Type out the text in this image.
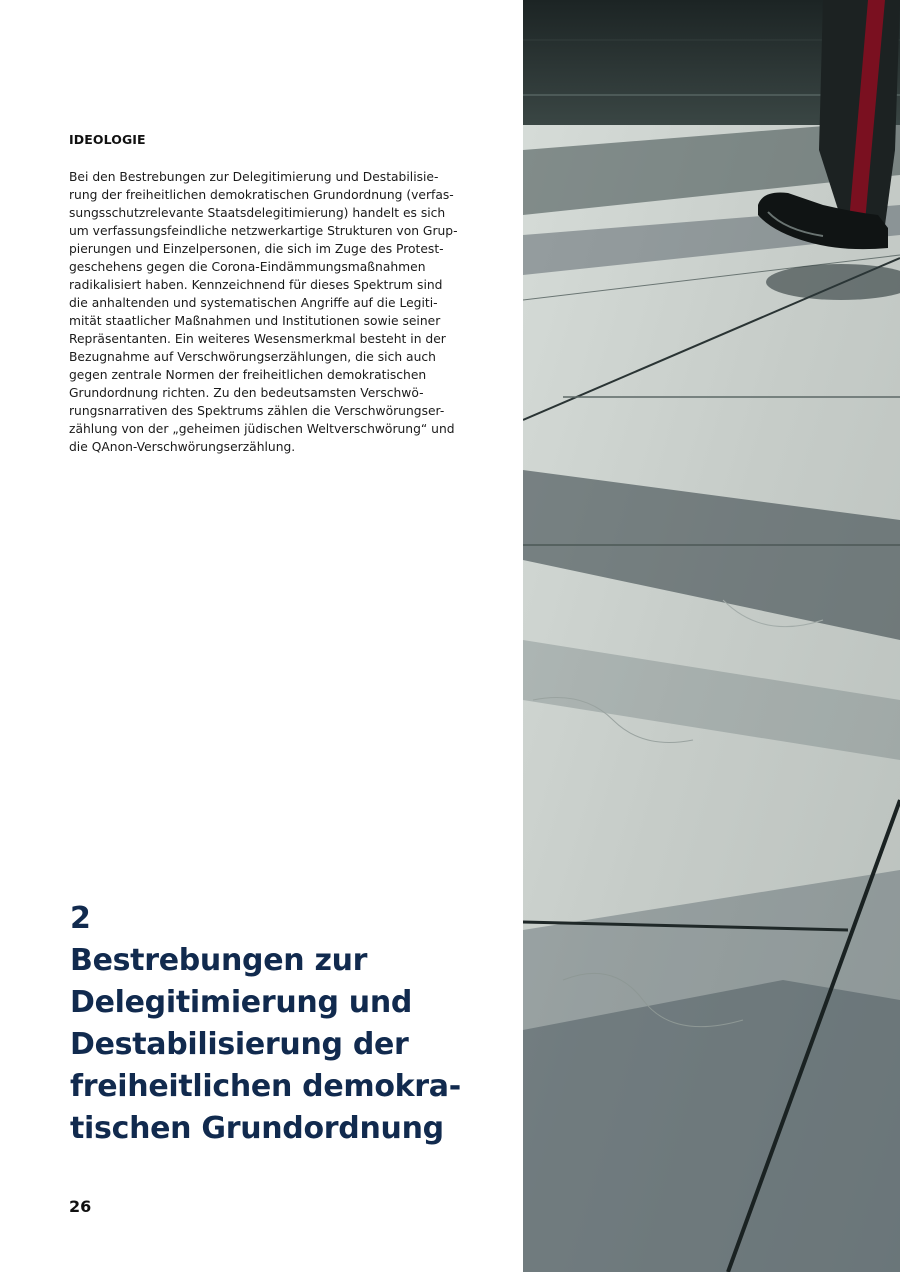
IDEOLOGIE

Bei den Bestrebungen zur Delegitimierung und Destabilisie-
rung der freiheitlichen demokratischen Grundordnung (verfas-
sungsschutzrelevante Staatsdelegitimierung) handelt es sich
um verfassungsfeindliche netzwerkartige Strukturen von Grup-
pierungen und Einzelpersonen, die sich im Zuge des Protest-
geschehens gegen die Corona-Eindämmungsmaßnahmen
radikalisiert haben. Kennzeichnend für dieses Spektrum sind
die anhaltenden und systematischen Angriffe auf die Legiti-
mität staatlicher Maßnahmen und Institutionen sowie seiner
Repräsentanten. Ein weiteres Wesensmerkmal besteht in der
Bezugnahme auf Verschwörungserzählungen, die sich auch
gegen zentrale Normen der freiheitlichen demokratischen
Grundordnung richten. Zu den bedeutsamsten Verschwö-
rungsnarrativen des Spektrums zählen die Verschwörungser-
zählung von der „geheimen jüdischen Weltverschwörung“ und
die QAnon-Verschwörungserzählung.

2
Bestrebungen zur
Delegitimierung und
Destabilisierung der
freiheitlichen demokra-
tischen Grundordnung
26
